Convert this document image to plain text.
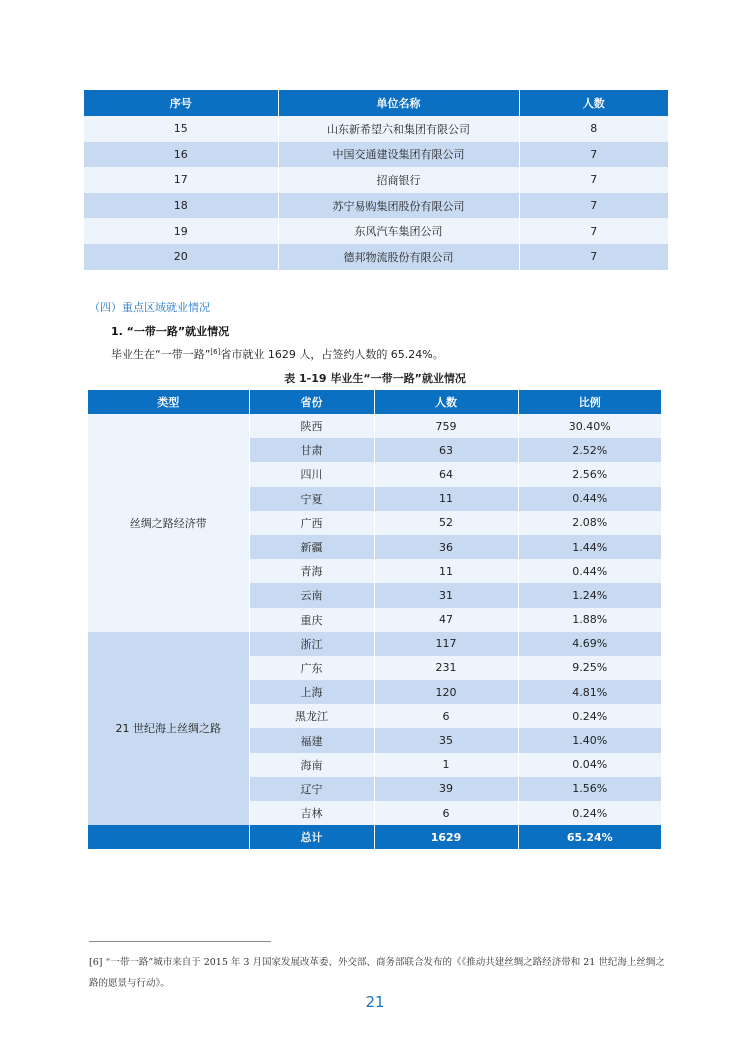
序号	单位名称	人数
15	山东新希望六和集团有限公司	8
16	中国交通建设集团有限公司	7
17	招商银行	7
18	苏宁易购集团股份有限公司	7
19	东风汽车集团公司	7
20	德邦物流股份有限公司	7
（四）重点区域就业情况
1. “一带一路”就业情况
毕业生在“一带一路”[6]省市就业 1629 人，占签约人数的 65.24%。
表 1-19 毕业生“一带一路”就业情况
类型	省份	人数	比例
丝绸之路经济带	陕西	759	30.40%
	甘肃	63	2.52%
	四川	64	2.56%
	宁夏	11	0.44%
	广西	52	2.08%
	新疆	36	1.44%
	青海	11	0.44%
	云南	31	1.24%
	重庆	47	1.88%
21 世纪海上丝绸之路	浙江	117	4.69%
	广东	231	9.25%
	上海	120	4.81%
	黑龙江	6	0.24%
	福建	35	1.40%
	海南	1	0.04%
	辽宁	39	1.56%
	吉林	6	0.24%
	总计	1629	65.24%
[6] “一带一路”城市来自于 2015 年 3 月国家发展改革委、外交部、商务部联合发布的《《推动共建丝绸之路经济带和 21 世纪海上丝绸之路的愿景与行动》。
21
